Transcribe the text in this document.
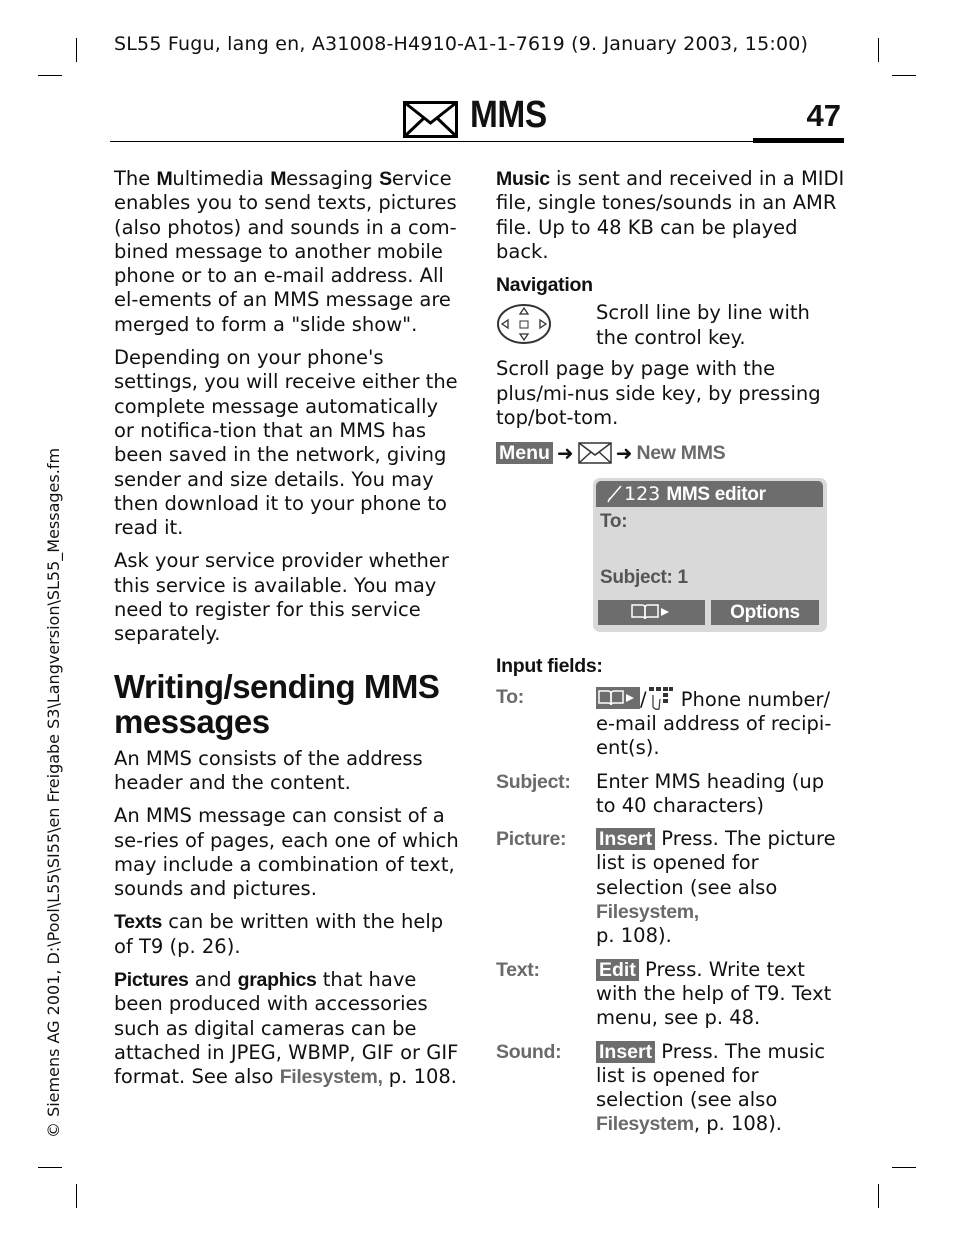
SL55 Fugu, lang en, A31008-H4910-A1-1-7619 (9. January 2003, 15:00)
© Siemens AG 2001, D:\Pool\L55\SI55\en Freigabe S3\Langversion\SL55_Messages.fm
MMS	47

The Multimedia Messaging Service enables you to send texts, pictures (also photos) and sounds in a com-bined message to another mobile phone or to an e-mail address. All el-ements of an MMS message are merged to form a "slide show".

Depending on your phone's settings, you will receive either the complete message automatically or notifica-tion that an MMS has been saved in the network, giving sender and size details. You may then download it to your phone to read it.

Ask your service provider whether this service is available. You may need to register for this service separately.

Writing/sending MMS messages

An MMS consists of the address header and the content.

An MMS message can consist of a se-ries of pages, each one of which may include a combination of text, sounds and pictures.

Texts can be written with the help of T9 (p. 26).

Pictures and graphics that have been produced with accessories such as digital cameras can be attached in JPEG, WBMP, GIF or GIF format. See also Filesystem, p. 108.

Music is sent and received in a MIDI file, single tones/sounds in an AMR file. Up to 48 KB can be played back.

Navigation

Scroll line by line with the control key.

Scroll page by page with the plus/mi-nus side key, by pressing top/bot-tom.

Menu ➜ ➜ New MMS
123 MMS editor
To:
Subject: 1
Options

Input fields:

To:	/ Phone number/ e-mail address of recipi-ent(s).
Subject: Enter MMS heading (up to 40 characters)
Picture: Insert Press. The picture list is opened for selection (see also Filesystem,
p. 108).
Text:	Edit Press. Write text with the help of T9. Text menu, see p. 48.
Sound: Insert Press. The music list is opened for selection (see also Filesystem, p. 108).
